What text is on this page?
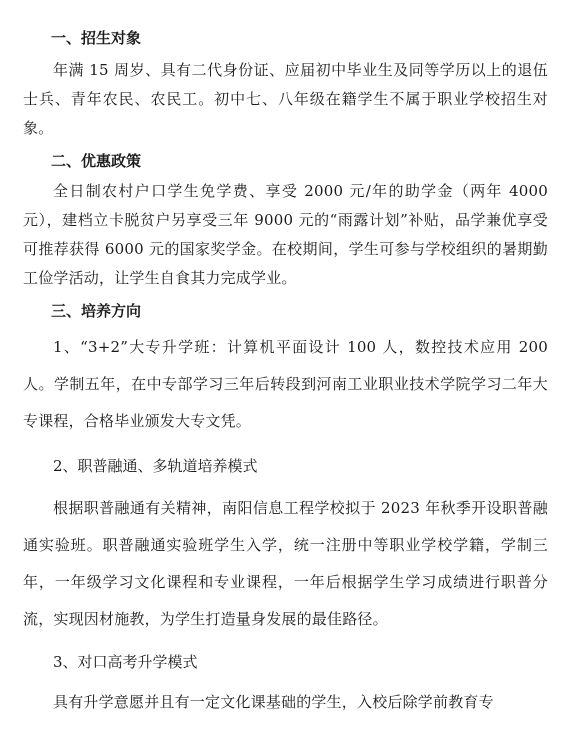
一、招生对象

年满 15 周岁、具有二代身份证、应届初中毕业生及同等学历以上的退伍士兵、青年农民、农民工。初中七、八年级在籍学生不属于职业学校招生对象。

二、优惠政策

全日制农村户口学生免学费、享受 2000 元/年的助学金（两年 4000 元），建档立卡脱贫户另享受三年 9000 元的“雨露计划”补贴，品学兼优享受可推荐获得 6000 元的国家奖学金。在校期间，学生可参与学校组织的暑期勤工俭学活动，让学生自食其力完成学业。

三、培养方向

1、“3+2”大专升学班：计算机平面设计 100 人，数控技术应用 200 人。学制五年，在中专部学习三年后转段到河南工业职业技术学院学习二年大专课程，合格毕业颁发大专文凭。

2、职普融通、多轨道培养模式

根据职普融通有关精神，南阳信息工程学校拟于 2023 年秋季开设职普融通实验班。职普融通实验班学生入学，统一注册中等职业学校学籍，学制三年，一年级学习文化课程和专业课程，一年后根据学生学习成绩进行职普分流，实现因材施教，为学生打造量身发展的最佳路径。

3、对口高考升学模式

具有升学意愿并且有一定文化课基础的学生，入校后除学前教育专
